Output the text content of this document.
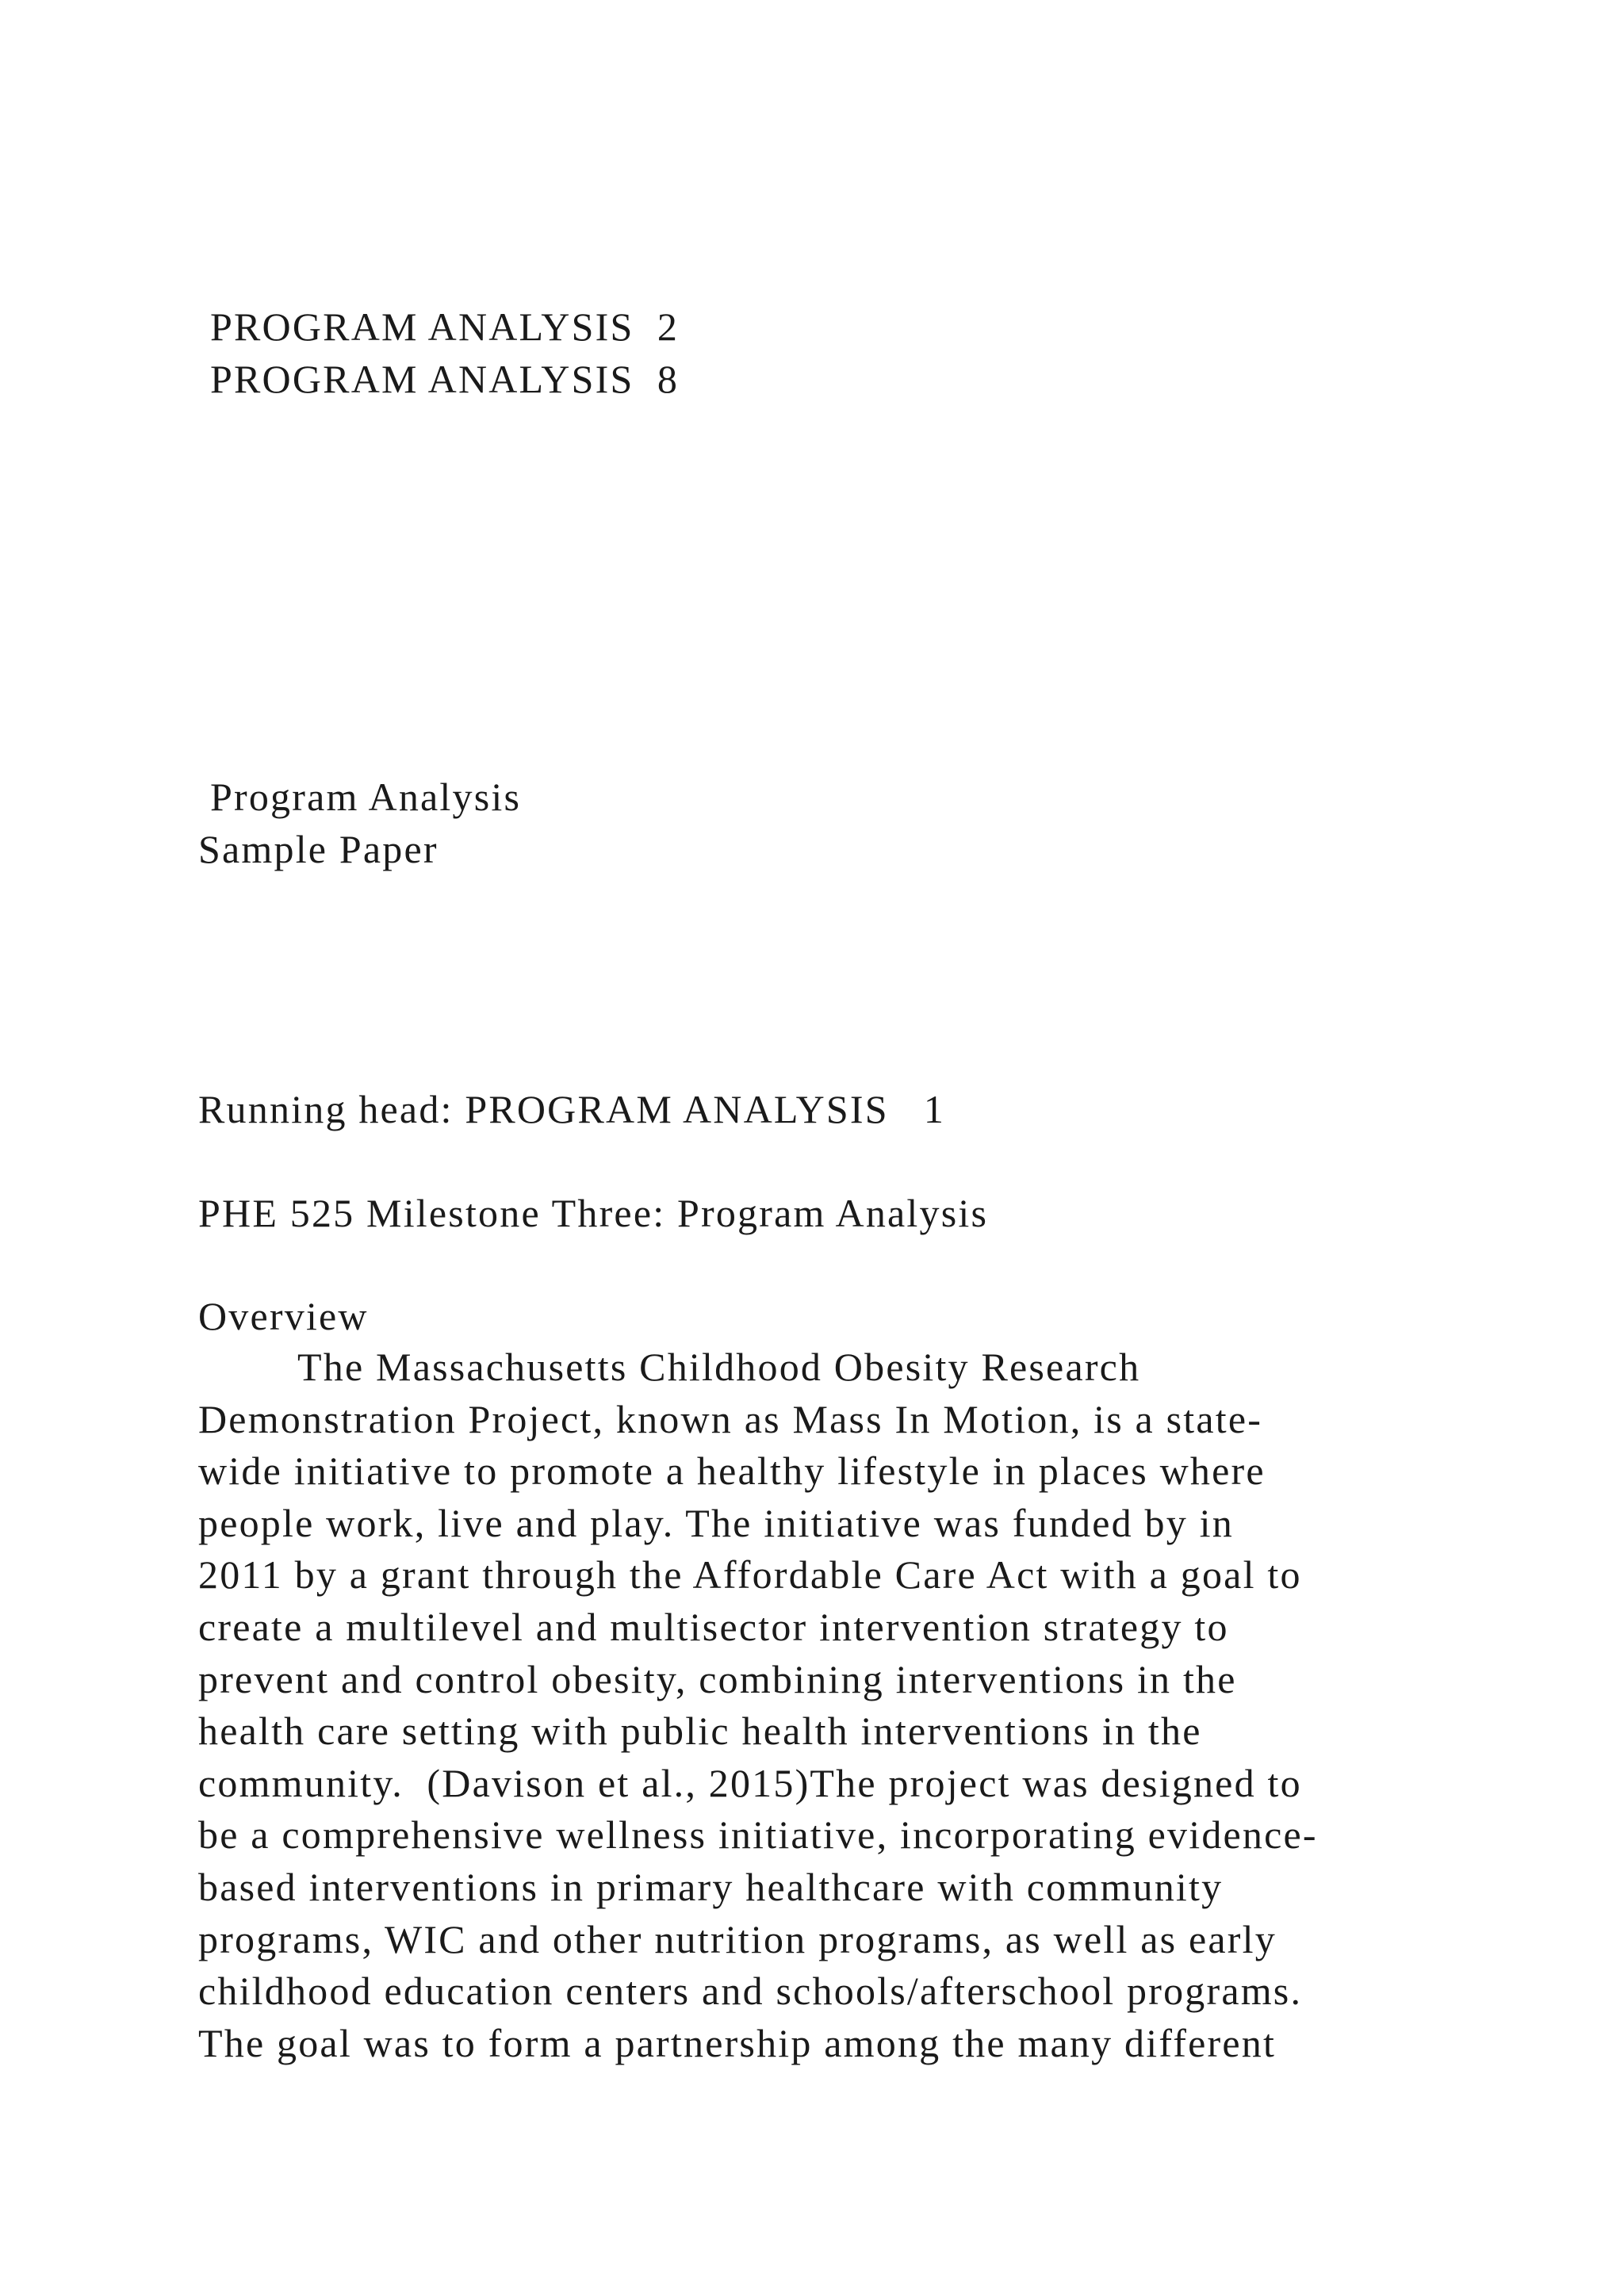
PROGRAM ANALYSIS  2

PROGRAM ANALYSIS  8

Program Analysis

Sample Paper

Running head: PROGRAM ANALYSIS   1

PHE 525 Milestone Three: Program Analysis

Overview

The Massachusetts Childhood Obesity Research
Demonstration Project, known as Mass In Motion, is a state-
wide initiative to promote a healthy lifestyle in places where
people work, live and play. The initiative was funded by in
2011 by a grant through the Affordable Care Act with a goal to
create a multilevel and multisector intervention strategy to
prevent and control obesity, combining interventions in the
health care setting with public health interventions in the
community.  (Davison et al., 2015)The project was designed to
be a comprehensive wellness initiative, incorporating evidence-
based interventions in primary healthcare with community
programs, WIC and other nutrition programs, as well as early
childhood education centers and schools/afterschool programs.
The goal was to form a partnership among the many different
